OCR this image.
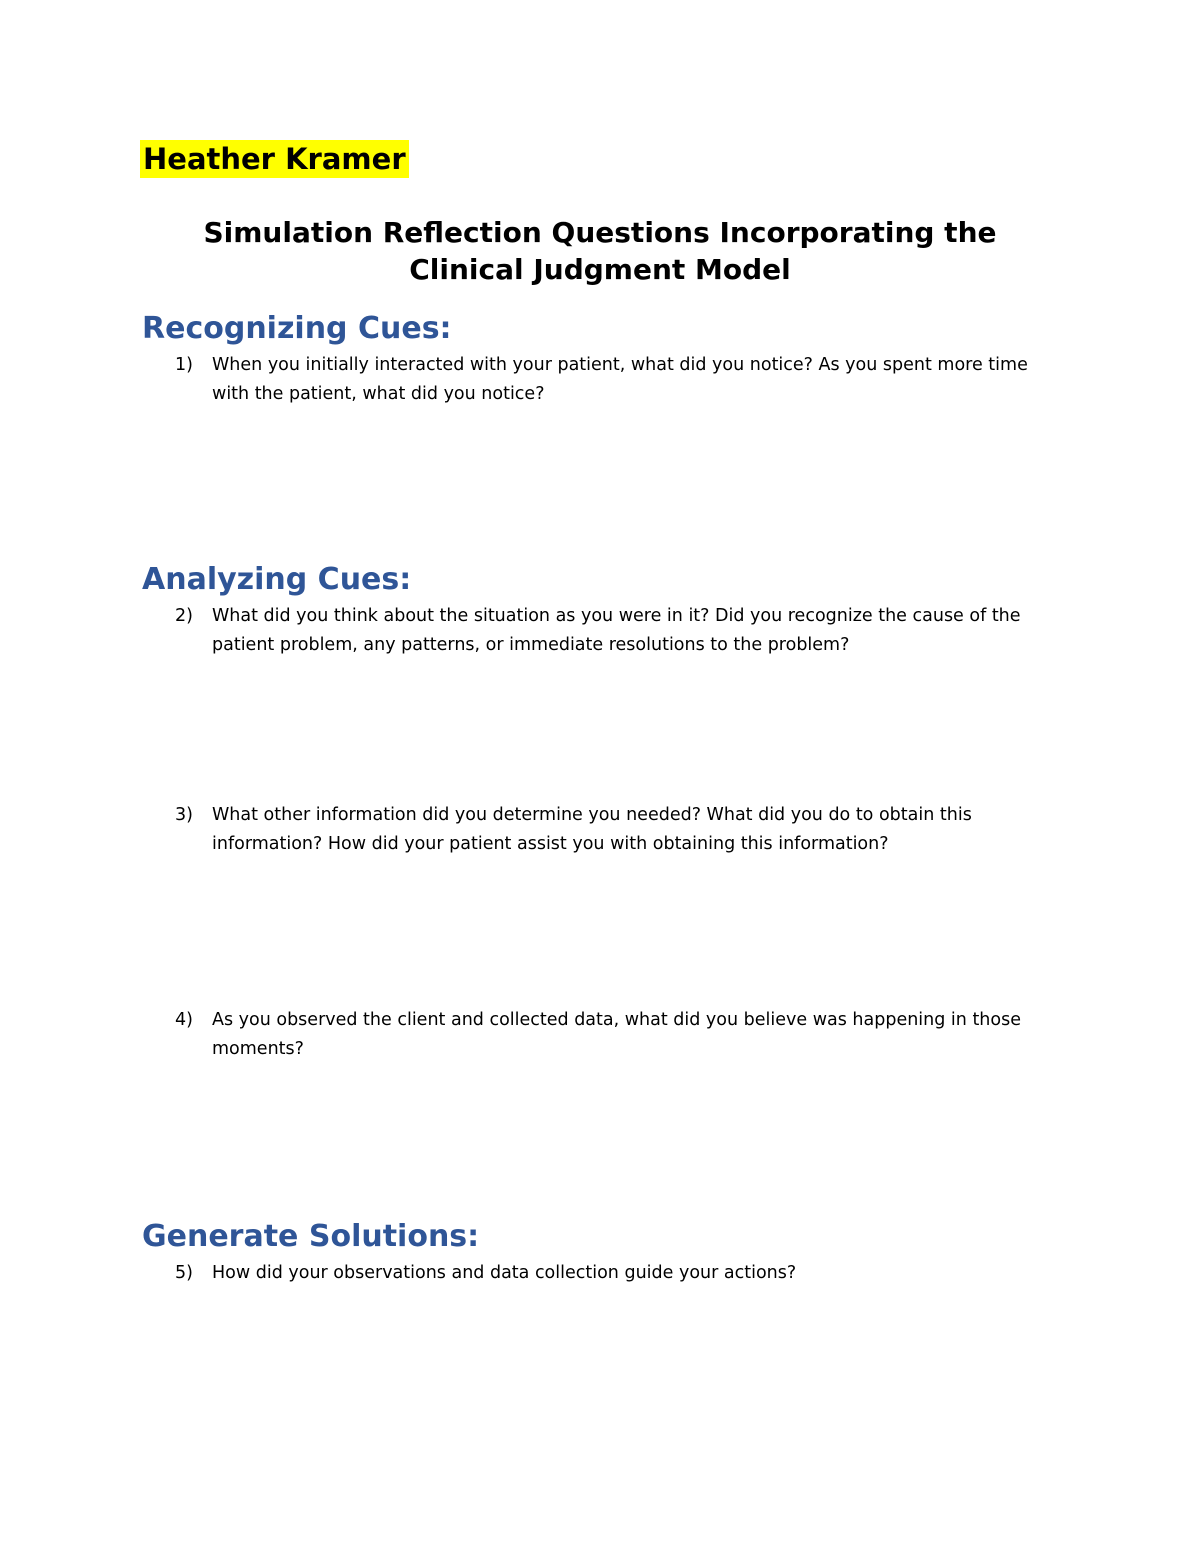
Heather Kramer
Simulation Reflection Questions Incorporating the
Clinical Judgment Model
Recognizing Cues:
1) When you initially interacted with your patient, what did you notice? As you spent more time with the patient, what did you notice?
Analyzing Cues:
2) What did you think about the situation as you were in it? Did you recognize the cause of the patient problem, any patterns, or immediate resolutions to the problem?
3) What other information did you determine you needed? What did you do to obtain this information? How did your patient assist you with obtaining this information?
4) As you observed the client and collected data, what did you believe was happening in those moments?
Generate Solutions:
5) How did your observations and data collection guide your actions?
